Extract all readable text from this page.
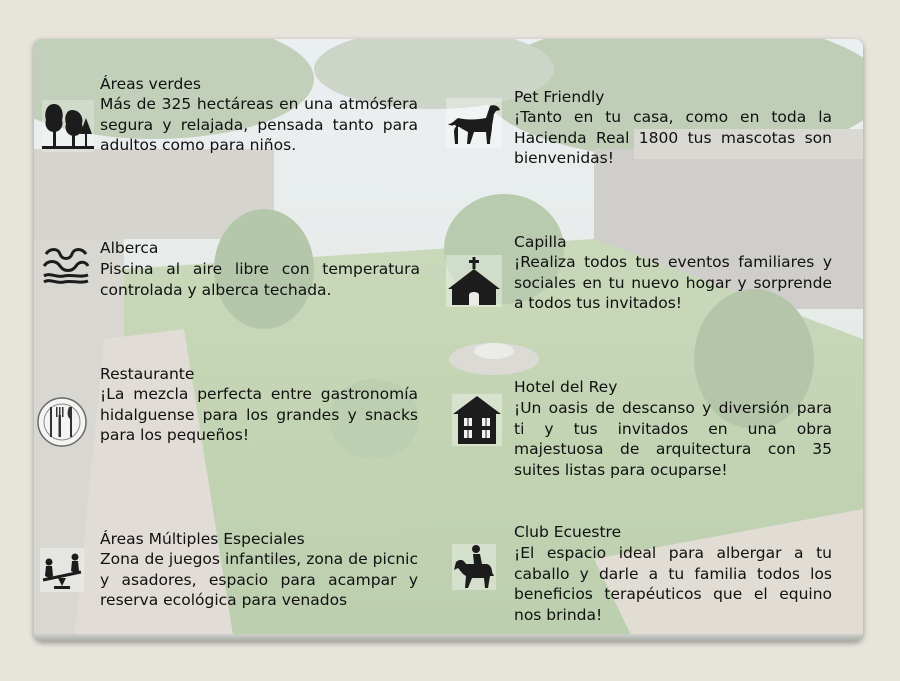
Áreas verdes
Más de 325 hectáreas en una atmósfera segura y relajada, pensada tanto para adultos como para niños.
Alberca
Piscina al aire libre con temperatura controlada y alberca techada.
Restaurante
¡La mezcla perfecta entre gastronomía hidalguense para los grandes y snacks para los pequeños!
Áreas Múltiples Especiales
Zona de juegos infantiles, zona de picnic y asadores, espacio para acampar y reserva ecológica para venados
Pet Friendly
¡Tanto en tu casa, como en toda la Hacienda Real 1800 tus mascotas son bienvenidas!
Capilla
¡Realiza todos tus eventos familiares y sociales en tu nuevo hogar y sorprende a todos tus invitados!
Hotel del Rey
¡Un oasis de descanso y diversión para ti y tus invitados en una obra majestuosa de arquitectura con 35 suites listas para ocuparse!
Club Ecuestre
¡El espacio ideal para albergar a tu caballo y darle a tu familia todos los beneficios terapéuticos que el equino nos brinda!
